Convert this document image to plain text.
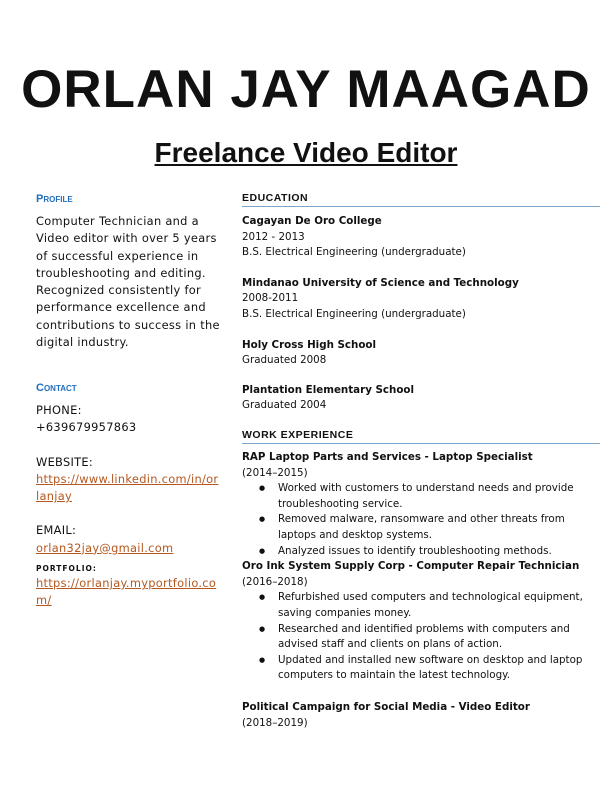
ORLAN JAY MAAGAD
Freelance Video Editor
Profile
Computer Technician and a Video editor with over 5 years of successful experience in troubleshooting and editing. Recognized consistently for performance excellence and contributions to success in the digital industry.
Contact
PHONE:
+639679957863
WEBSITE:
https://www.linkedin.com/in/orlanjay
EMAIL:
orlan32jay@gmail.com
PORTFOLIO:
https://orlanjay.myportfolio.com/
EDUCATION
Cagayan De Oro College
2012 - 2013
B.S. Electrical Engineering (undergraduate)
Mindanao University of Science and Technology
2008-2011
B.S. Electrical Engineering (undergraduate)
Holy Cross High School
Graduated 2008
Plantation Elementary School
Graduated 2004
WORK EXPERIENCE
RAP Laptop Parts and Services - Laptop Specialist
(2014–2015)
● Worked with customers to understand needs and provide troubleshooting service.
● Removed malware, ransomware and other threats from laptops and desktop systems.
● Analyzed issues to identify troubleshooting methods.
Oro Ink System Supply Corp - Computer Repair Technician
(2016–2018)
● Refurbished used computers and technological equipment, saving companies money.
● Researched and identified problems with computers and advised staff and clients on plans of action.
● Updated and installed new software on desktop and laptop computers to maintain the latest technology.
Political Campaign for Social Media - Video Editor
(2018–2019)
